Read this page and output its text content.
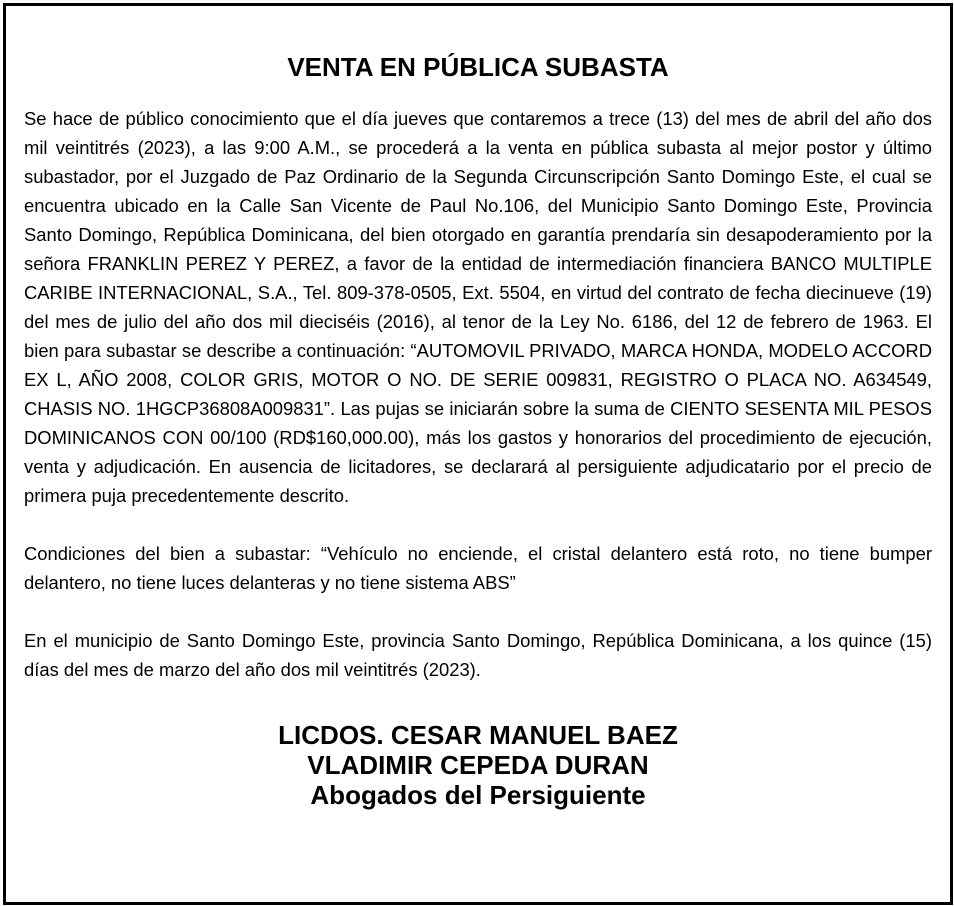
VENTA EN PÚBLICA SUBASTA

Se hace de público conocimiento que el día jueves que contaremos a trece (13) del mes de abril del año dos mil veintitrés (2023), a las 9:00 A.M., se procederá a la venta en pública subasta al mejor postor y último subastador, por el Juzgado de Paz Ordinario de la Segunda Circunscripción Santo Domingo Este, el cual se encuentra ubicado en la Calle San Vicente de Paul No.106, del Municipio Santo Domingo Este, Provincia Santo Domingo, República Dominicana, del bien otorgado en garantía prendaría sin desapoderamiento por la señora FRANKLIN PEREZ Y PEREZ, a favor de la entidad de intermediación financiera BANCO MULTIPLE CARIBE INTERNACIONAL, S.A., Tel. 809-378-0505, Ext. 5504, en virtud del contrato de fecha diecinueve (19) del mes de julio del año dos mil dieciséis (2016), al tenor de la Ley No. 6186, del 12 de febrero de 1963. El bien para subastar se describe a continuación: “AUTOMOVIL PRIVADO, MARCA HONDA, MODELO ACCORD EX L, AÑO 2008, COLOR GRIS, MOTOR O NO. DE SERIE 009831, REGISTRO O PLACA NO. A634549, CHASIS NO. 1HGCP36808A009831”. Las pujas se iniciarán sobre la suma de CIENTO SESENTA MIL PESOS DOMINICANOS CON 00/100 (RD$160,000.00), más los gastos y honorarios del procedimiento de ejecución, venta y adjudicación. En ausencia de licitadores, se declarará al persiguiente adjudicatario por el precio de primera puja precedentemente descrito.

Condiciones del bien a subastar: “Vehículo no enciende, el cristal delantero está roto, no tiene bumper delantero, no tiene luces delanteras y no tiene sistema ABS”

En el municipio de Santo Domingo Este, provincia Santo Domingo, República Dominicana, a los quince (15) días del mes de marzo del año dos mil veintitrés (2023).

LICDOS. CESAR MANUEL BAEZ
VLADIMIR CEPEDA DURAN
Abogados del Persiguiente
